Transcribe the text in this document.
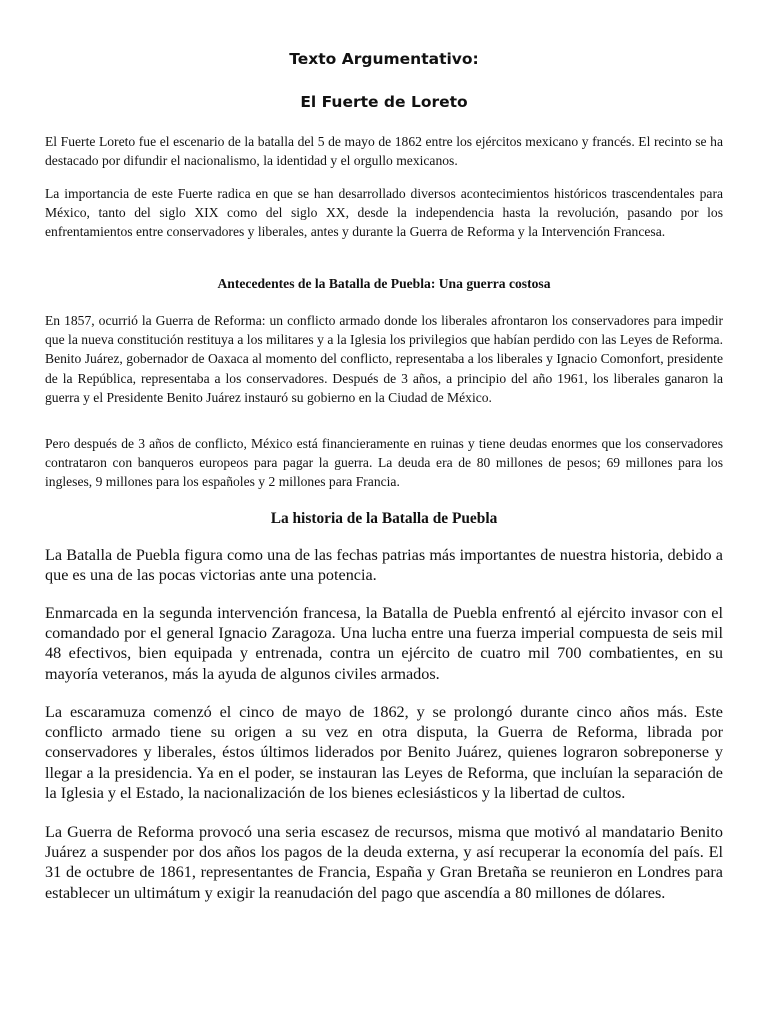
Texto Argumentativo:
El Fuerte de Loreto

El Fuerte Loreto fue el escenario de la batalla del 5 de mayo de 1862 entre los ejércitos mexicano y francés. El recinto se ha destacado por difundir el nacionalismo, la identidad y el orgullo mexicanos.

La importancia de este Fuerte radica en que se han desarrollado diversos acontecimientos históricos trascendentales para México, tanto del siglo XIX como del siglo XX, desde la independencia hasta la revolución, pasando por los enfrentamientos entre conservadores y liberales, antes y durante la Guerra de Reforma y la Intervención Francesa.

Antecedentes de la Batalla de Puebla: Una guerra costosa

En 1857, ocurrió la Guerra de Reforma: un conflicto armado donde los liberales afrontaron los conservadores para impedir que la nueva constitución restituya a los militares y a la Iglesia los privilegios que habían perdido con las Leyes de Reforma. Benito Juárez, gobernador de Oaxaca al momento del conflicto, representaba a los liberales y Ignacio Comonfort, presidente de la República, representaba a los conservadores. Después de 3 años, a principio del año 1961, los liberales ganaron la guerra y el Presidente Benito Juárez instauró su gobierno en la Ciudad de México.

Pero después de 3 años de conflicto, México está financieramente en ruinas y tiene deudas enormes que los conservadores contrataron con banqueros europeos para pagar la guerra. La deuda era de 80 millones de pesos; 69 millones para los ingleses, 9 millones para los españoles y 2 millones para Francia.

La historia de la Batalla de Puebla

La Batalla de Puebla figura como una de las fechas patrias más importantes de nuestra historia, debido a que es una de las pocas victorias ante una potencia.

Enmarcada en la segunda intervención francesa, la Batalla de Puebla enfrentó al ejército invasor con el comandado por el general Ignacio Zaragoza. Una lucha entre una fuerza imperial compuesta de seis mil 48 efectivos, bien equipada y entrenada, contra un ejército de cuatro mil 700 combatientes, en su mayoría veteranos, más la ayuda de algunos civiles armados.

La escaramuza comenzó el cinco de mayo de 1862, y se prolongó durante cinco años más. Este conflicto armado tiene su origen a su vez en otra disputa, la Guerra de Reforma, librada por conservadores y liberales, éstos últimos liderados por Benito Juárez, quienes lograron sobreponerse y llegar a la presidencia. Ya en el poder, se instauran las Leyes de Reforma, que incluían la separación de la Iglesia y el Estado, la nacionalización de los bienes eclesiásticos y la libertad de cultos.

La Guerra de Reforma provocó una seria escasez de recursos, misma que motivó al mandatario Benito Juárez a suspender por dos años los pagos de la deuda externa, y así recuperar la economía del país. El 31 de octubre de 1861, representantes de Francia, España y Gran Bretaña se reunieron en Londres para establecer un ultimátum y exigir la reanudación del pago que ascendía a 80 millones de dólares.
